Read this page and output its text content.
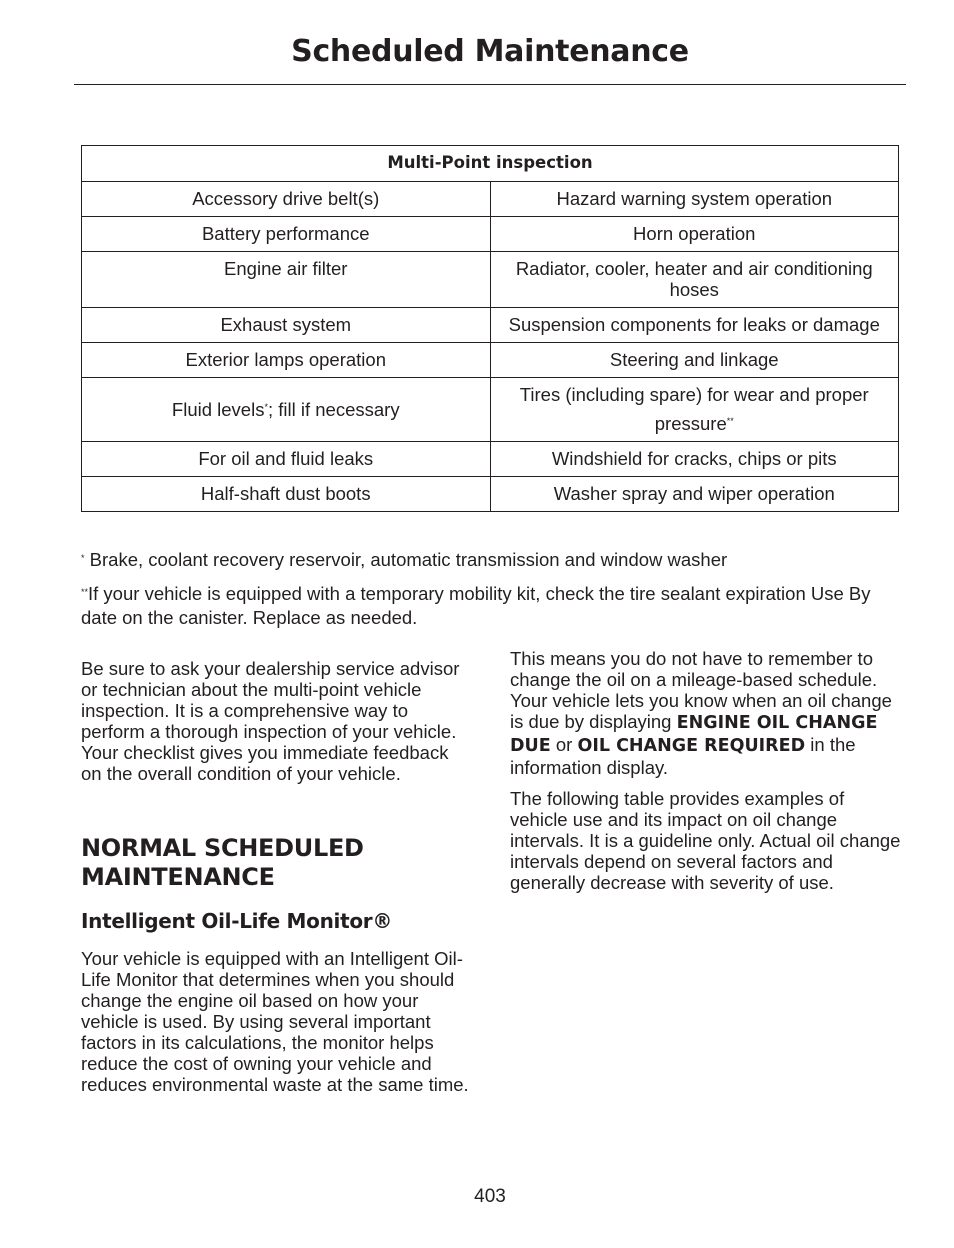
Scheduled Maintenance
Multi-Point inspection	
Accessory drive belt(s)	Hazard warning system operation
Battery performance	Horn operation
Engine air filter	Radiator, cooler, heater and air conditioning hoses
Exhaust system	Suspension components for leaks or damage
Exterior lamps operation	Steering and linkage
Fluid levels*; fill if necessary	Tires (including spare) for wear and proper pressure**
For oil and fluid leaks	Windshield for cracks, chips or pits
Half-shaft dust boots	Washer spray and wiper operation
* Brake, coolant recovery reservoir, automatic transmission and window washer
**If your vehicle is equipped with a temporary mobility kit, check the tire sealant expiration Use By date on the canister. Replace as needed.

Be sure to ask your dealership service advisor or technician about the multi-point vehicle inspection. It is a comprehensive way to perform a thorough inspection of your vehicle. Your checklist gives you immediate feedback on the overall condition of your vehicle.

NORMAL SCHEDULED MAINTENANCE
Intelligent Oil-Life Monitor®

Your vehicle is equipped with an Intelligent Oil-Life Monitor that determines when you should change the engine oil based on how your vehicle is used. By using several important factors in its calculations, the monitor helps reduce the cost of owning your vehicle and reduces environmental waste at the same time.

This means you do not have to remember to change the oil on a mileage-based schedule. Your vehicle lets you know when an oil change is due by displaying ENGINE OIL CHANGE DUE or OIL CHANGE REQUIRED in the information display.

The following table provides examples of vehicle use and its impact on oil change intervals. It is a guideline only. Actual oil change intervals depend on several factors and generally decrease with severity of use.

403
